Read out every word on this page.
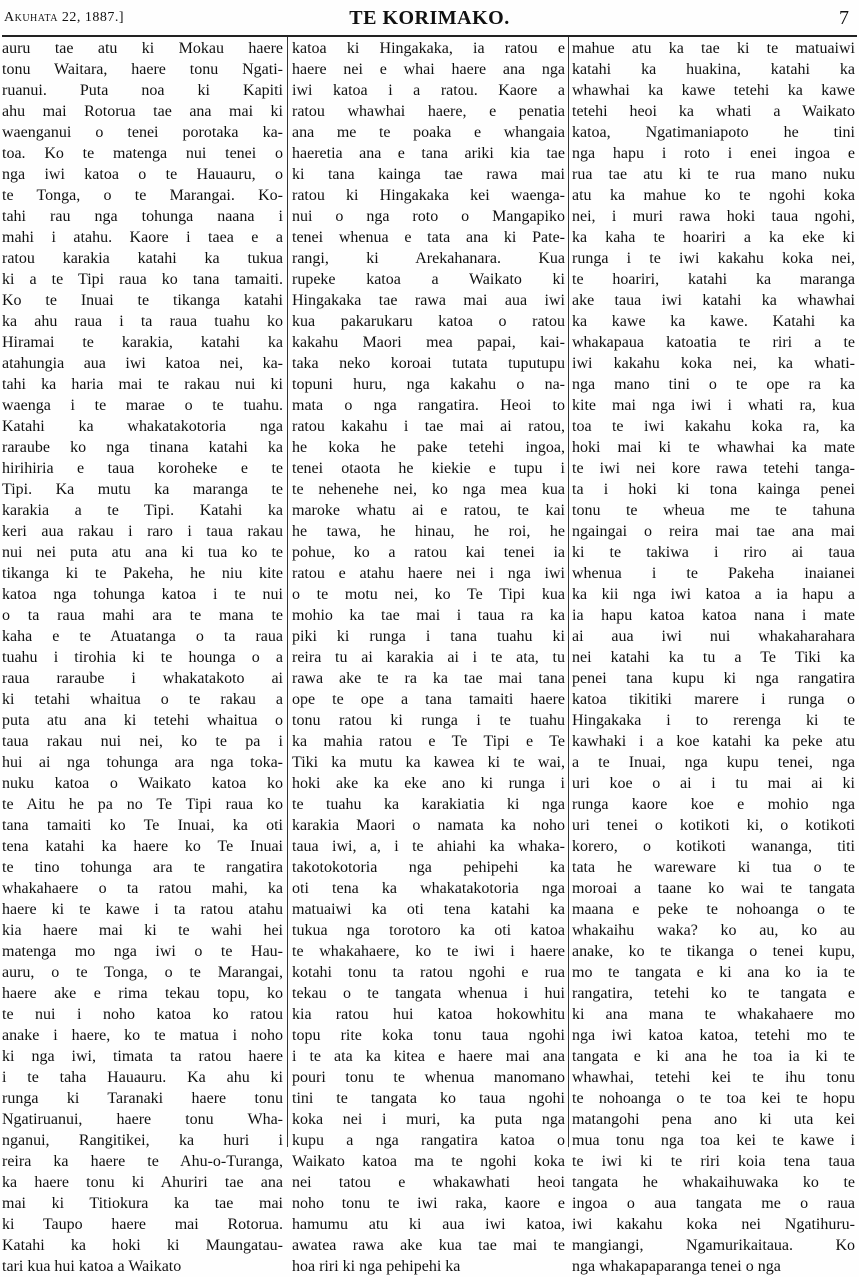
Akuhata 22, 1887.]	TE KORIMAKO.	7
auru tae atu ki Mokau haere
tonu Waitara, haere tonu Ngati-
ruanui. Puta noa ki Kapiti
ahu mai Rotorua tae ana mai ki
waenganui o tenei porotaka ka-
toa. Ko te matenga nui tenei o
nga iwi katoa o te Hauauru, o
te Tonga, o te Marangai. Ko-
tahi rau nga tohunga naana i
mahi i atahu. Kaore i taea e a
ratou karakia katahi ka tukua
ki a te Tipi raua ko tana tamaiti.
Ko te Inuai te tikanga katahi
ka ahu raua i ta raua tuahu ko
Hiramai te karakia, katahi ka
atahungia aua iwi katoa nei, ka-
tahi ka haria mai te rakau nui ki
waenga i te marae o te tuahu.
Katahi ka whakatakotoria nga
raraube ko nga tinana katahi ka
hirihiria e taua koroheke e te
Tipi. Ka mutu ka maranga te
karakia a te Tipi. Katahi ka
keri aua rakau i raro i taua rakau
nui nei puta atu ana ki tua ko te
tikanga ki te Pakeha, he niu kite
katoa nga tohunga katoa i te nui
o ta raua mahi ara te mana te
kaha e te Atuatanga o ta raua
tuahu i tirohia ki te hounga o a
raua raraube i whakatakoto ai
ki tetahi whaitua o te rakau a
puta atu ana ki tetehi whaitua o
taua rakau nui nei, ko te pa i
hui ai nga tohunga ara nga toka-
nuku katoa o Waikato katoa ko
te Aitu he pa no Te Tipi raua ko
tana tamaiti ko Te Inuai, ka oti
tena katahi ka haere ko Te Inuai
te tino tohunga ara te rangatira
whakahaere o ta ratou mahi, ka
haere ki te kawe i ta ratou atahu
kia haere mai ki te wahi hei
matenga mo nga iwi o te Hau-
auru, o te Tonga, o te Marangai,
haere ake e rima tekau topu, ko
te nui i noho katoa ko ratou
anake i haere, ko te matua i noho
ki nga iwi, timata ta ratou haere
i te taha Hauauru. Ka ahu ki
runga ki Taranaki haere tonu
Ngatiruanui, haere tonu Wha-
nganui, Rangitikei, ka huri i
reira ka haere te Ahu-o-Turanga,
ka haere tonu ki Ahuriri tae ana
mai ki Titiokura ka tae mai
ki Taupo haere mai Rotorua.
Katahi ka hoki ki Maungatau-
tari kua hui katoa a Waikato
katoa ki Hingakaka, ia ratou e
haere nei e whai haere ana nga
iwi katoa i a ratou. Kaore a
ratou whawhai haere, e penatia
ana me te poaka e whangaia
haeretia ana e tana ariki kia tae
ki tana kainga tae rawa mai
ratou ki Hingakaka kei waenga-
nui o nga roto o Mangapiko
tenei whenua e tata ana ki Pate-
rangi, ki Arekahanara. Kua
rupeke katoa a Waikato ki
Hingakaka tae rawa mai aua iwi
kua pakarukaru katoa o ratou
kakahu Maori mea papai, kai-
taka neko koroai tutata tuputupu
topuni huru, nga kakahu o na-
mata o nga rangatira. Heoi to
ratou kakahu i tae mai ai ratou,
he koka he pake tetehi ingoa,
tenei otaota he kiekie e tupu i
te nehenehe nei, ko nga mea kua
maroke whatu ai e ratou, te kai
he tawa, he hinau, he roi, he
pohue, ko a ratou kai tenei ia
ratou e atahu haere nei i nga iwi
o te motu nei, ko Te Tipi kua
mohio ka tae mai i taua ra ka
piki ki runga i tana tuahu ki
reira tu ai karakia ai i te ata, tu
rawa ake te ra ka tae mai tana
ope te ope a tana tamaiti haere
tonu ratou ki runga i te tuahu
ka mahia ratou e Te Tipi e Te
Tiki ka mutu ka kawea ki te wai,
hoki ake ka eke ano ki runga i
te tuahu ka karakiatia ki nga
karakia Maori o namata ka noho
taua iwi, a, i te ahiahi ka whaka-
takotokotoria nga pehipehi ka
oti tena ka whakatakotoria nga
matuaiwi ka oti tena katahi ka
tukua nga torotoro ka oti katoa
te whakahaere, ko te iwi i haere
kotahi tonu ta ratou ngohi e rua
tekau o te tangata whenua i hui
kia ratou hui katoa hokowhitu
topu rite koka tonu taua ngohi
i te ata ka kitea e haere mai ana
pouri tonu te whenua manomano
tini te tangata ko taua ngohi
koka nei i muri, ka puta nga
kupu a nga rangatira katoa o
Waikato katoa ma te ngohi koka
nei tatou e whakawhati heoi
noho tonu te iwi raka, kaore e
hamumu atu ki aua iwi katoa,
awatea rawa ake kua tae mai te
hoa riri ki nga pehipehi ka
mahue atu ka tae ki te matuaiwi
katahi ka huakina, katahi ka
whawhai ka kawe tetehi ka kawe
tetehi heoi ka whati a Waikato
katoa, Ngatimaniapoto he tini
nga hapu i roto i enei ingoa e
rua tae atu ki te rua mano nuku
atu ka mahue ko te ngohi koka
nei, i muri rawa hoki taua ngohi,
ka kaha te hoariri a ka eke ki
runga i te iwi kakahu koka nei,
te hoariri, katahi ka maranga
ake taua iwi katahi ka whawhai
ka kawe ka kawe. Katahi ka
whakapaua katoatia te riri a te
iwi kakahu koka nei, ka whati-
nga mano tini o te ope ra ka
kite mai nga iwi i whati ra, kua
toa te iwi kakahu koka ra, ka
hoki mai ki te whawhai ka mate
te iwi nei kore rawa tetehi tanga-
ta i hoki ki tona kainga penei
tonu te wheua me te tahuna
ngaingai o reira mai tae ana mai
ki te takiwa i riro ai taua
whenua i te Pakeha inaianei
ka kii nga iwi katoa a ia hapu a
ia hapu katoa katoa nana i mate
ai aua iwi nui whakaharahara
nei katahi ka tu a Te Tiki ka
penei tana kupu ki nga rangatira
katoa tikitiki marere i runga o
Hingakaka i to rerenga ki te
kawhaki i a koe katahi ka peke atu
a te Inuai, nga kupu tenei, nga
uri koe o ai i tu mai ai ki
runga kaore koe e mohio nga
uri tenei o kotikoti ki, o kotikoti
korero, o kotikoti wananga, titi
tata he wareware ki tua o te
moroai a taane ko wai te tangata
maana e peke te nohoanga o te
whakaihu waka? ko au, ko au
anake, ko te tikanga o tenei kupu,
mo te tangata e ki ana ko ia te
rangatira, tetehi ko te tangata e
ki ana mana te whakahaere mo
nga iwi katoa katoa, tetehi mo te
tangata e ki ana he toa ia ki te
whawhai, tetehi kei te ihu tonu
te nohoanga o te toa kei te hopu
matangohi pena ano ki uta kei
mua tonu nga toa kei te kawe i
te iwi ki te riri koia tena taua
tangata he whakaihuwaka ko te
ingoa o aua tangata me o raua
iwi kakahu koka nei Ngatihuru-
mangiangi, Ngamurikaitaua. Ko
nga whakapaparanga tenei o nga
